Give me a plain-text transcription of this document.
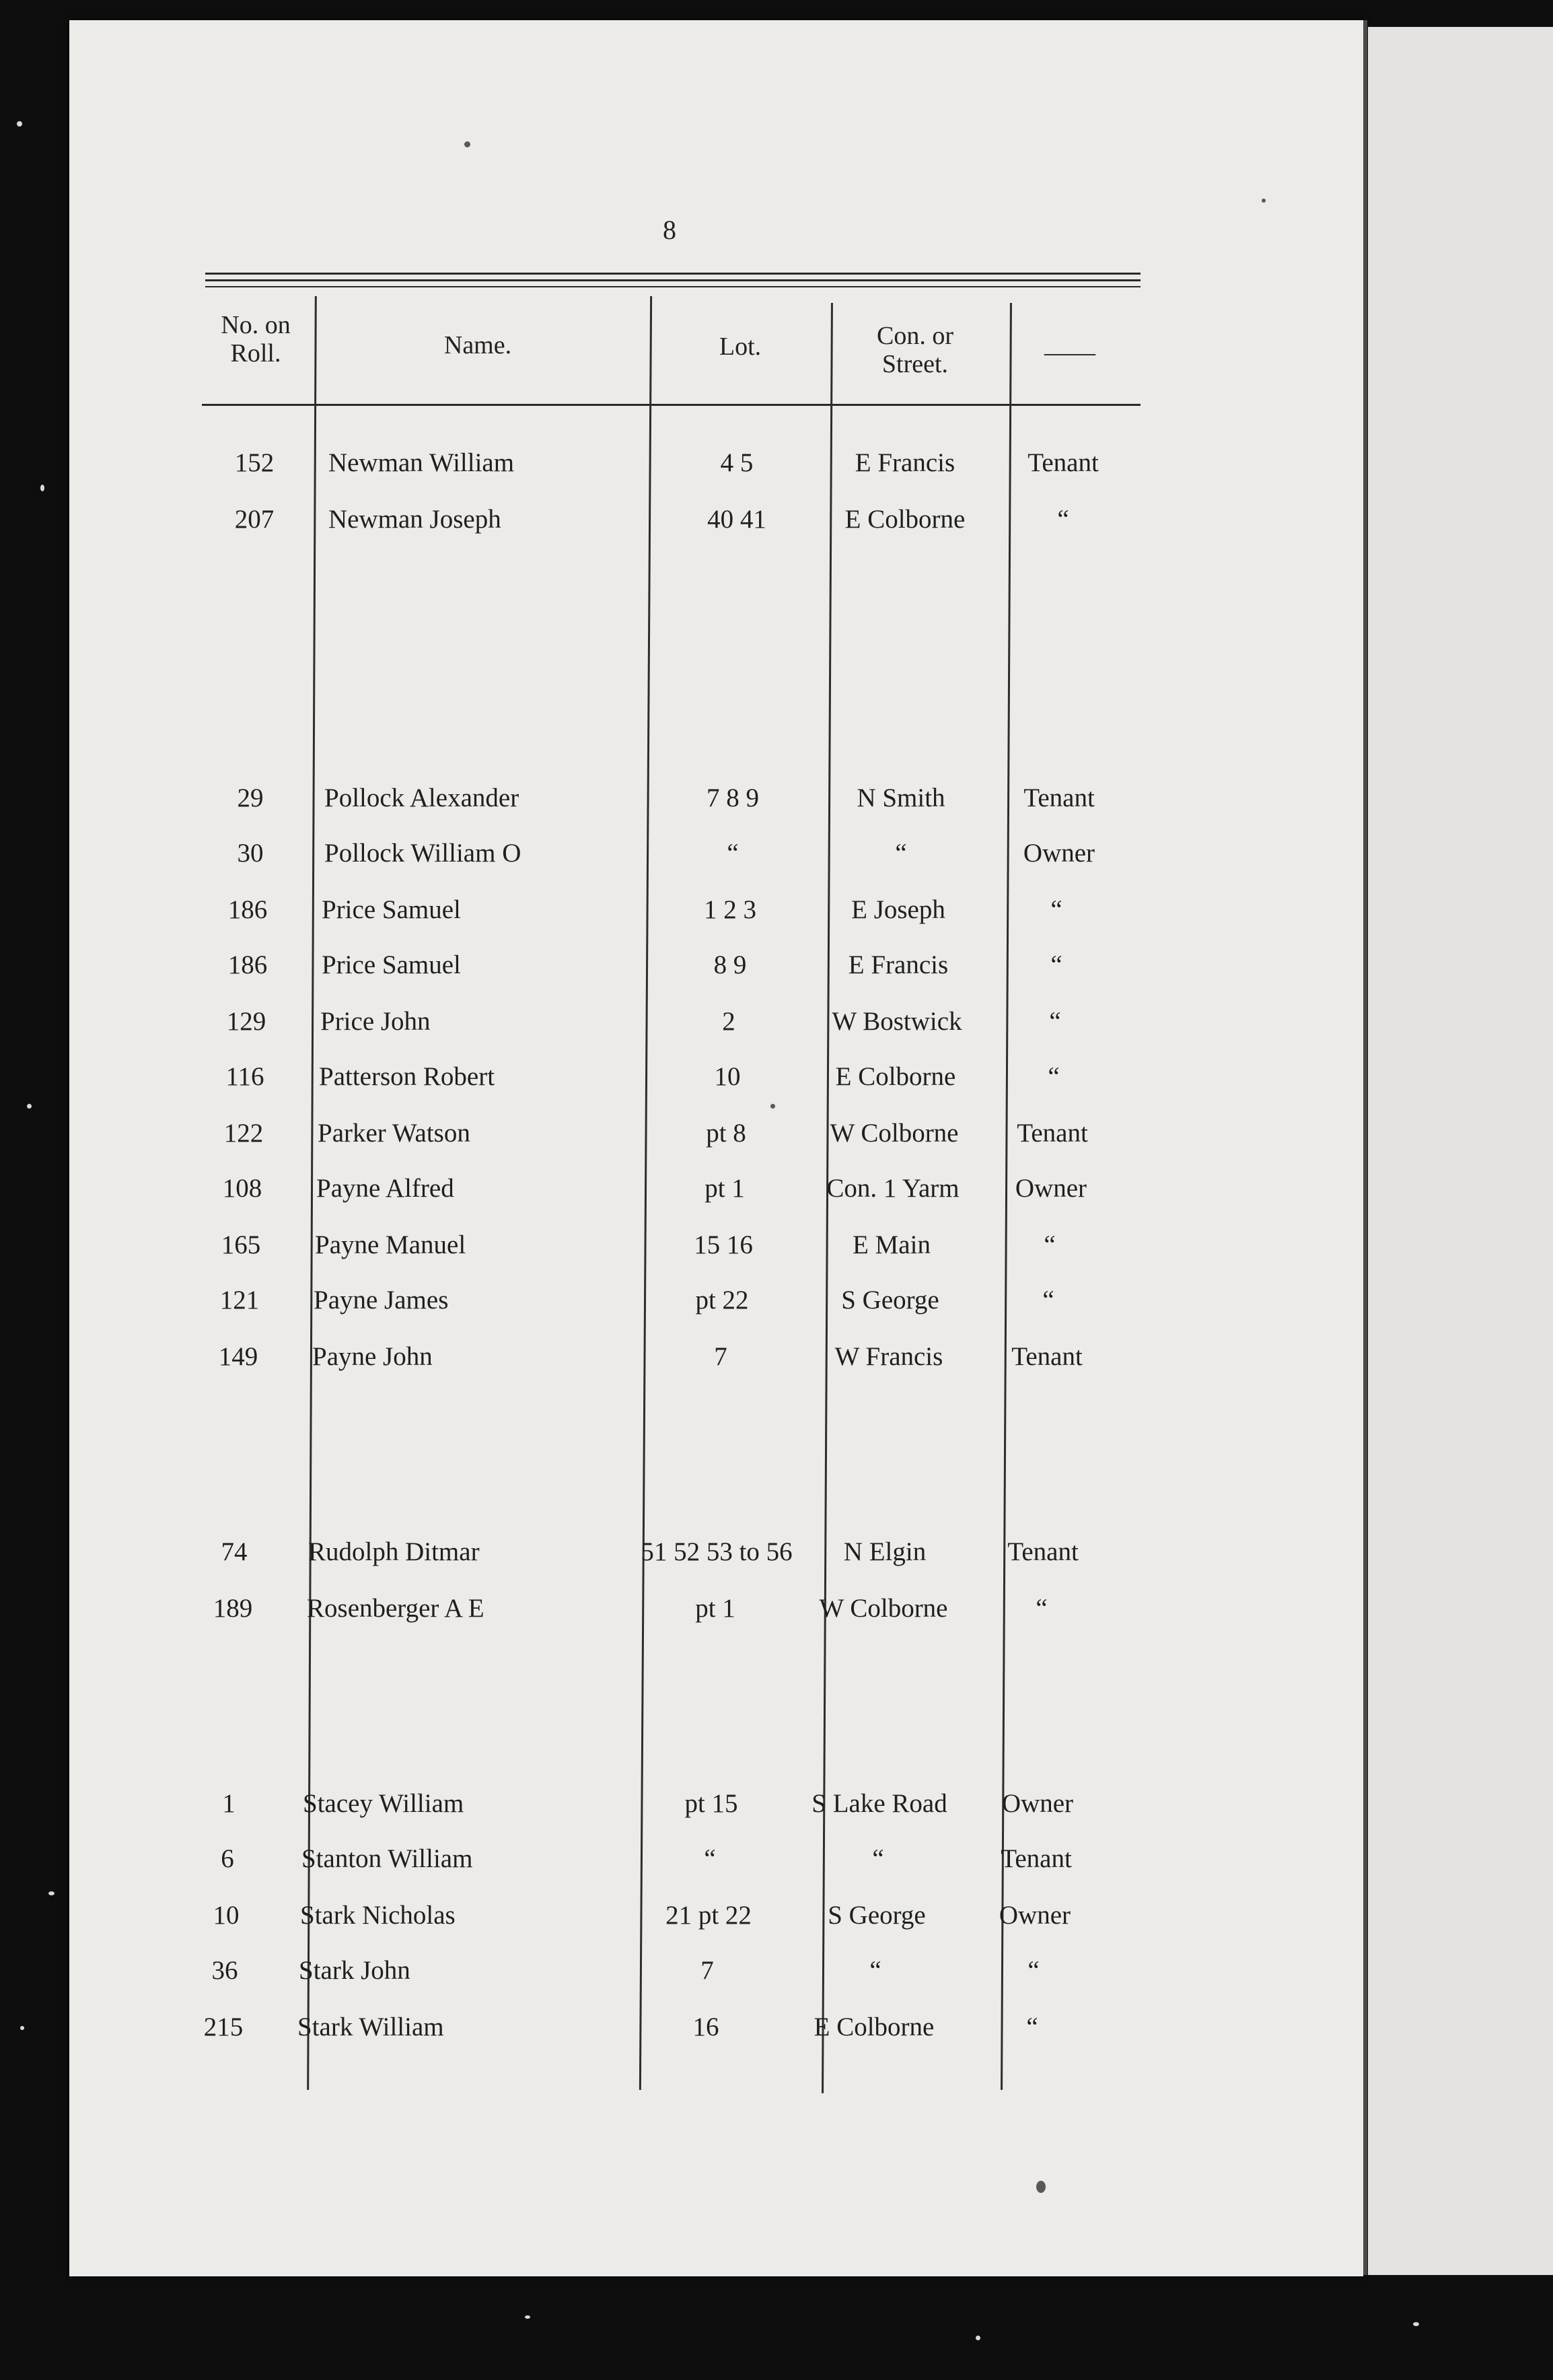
8
No. on Roll.	Name.	Lot.	Con. or Street.	——
152	Newman William	4 5	E Francis	Tenant
207	Newman Joseph	40 41	E Colborne	“
29	Pollock Alexander	7 8 9	N Smith	Tenant
30	Pollock William O	“	“	Owner
186	Price Samuel	1 2 3	E Joseph	“
186	Price Samuel	8 9	E Francis	“
129	Price John	2	W Bostwick	“
116	Patterson Robert	10	E Colborne	“
122	Parker Watson	pt 8	W Colborne	Tenant
108	Payne Alfred	pt 1	Con. 1 Yarm	Owner
165	Payne Manuel	15 16	E Main	“
121	Payne James	pt 22	S George	“
149	Payne John	7	W Francis	Tenant
74	Rudolph Ditmar	51 52 53 to 56	N Elgin	Tenant
189	Rosenberger A E	pt 1	W Colborne	“
1	Stacey William	pt 15	S Lake Road	Owner
6	Stanton William	“	“	Tenant
10	Stark Nicholas	21 pt 22	S George	Owner
36	Stark John	7	“	“
215	Stark William	16	E Colborne	“
